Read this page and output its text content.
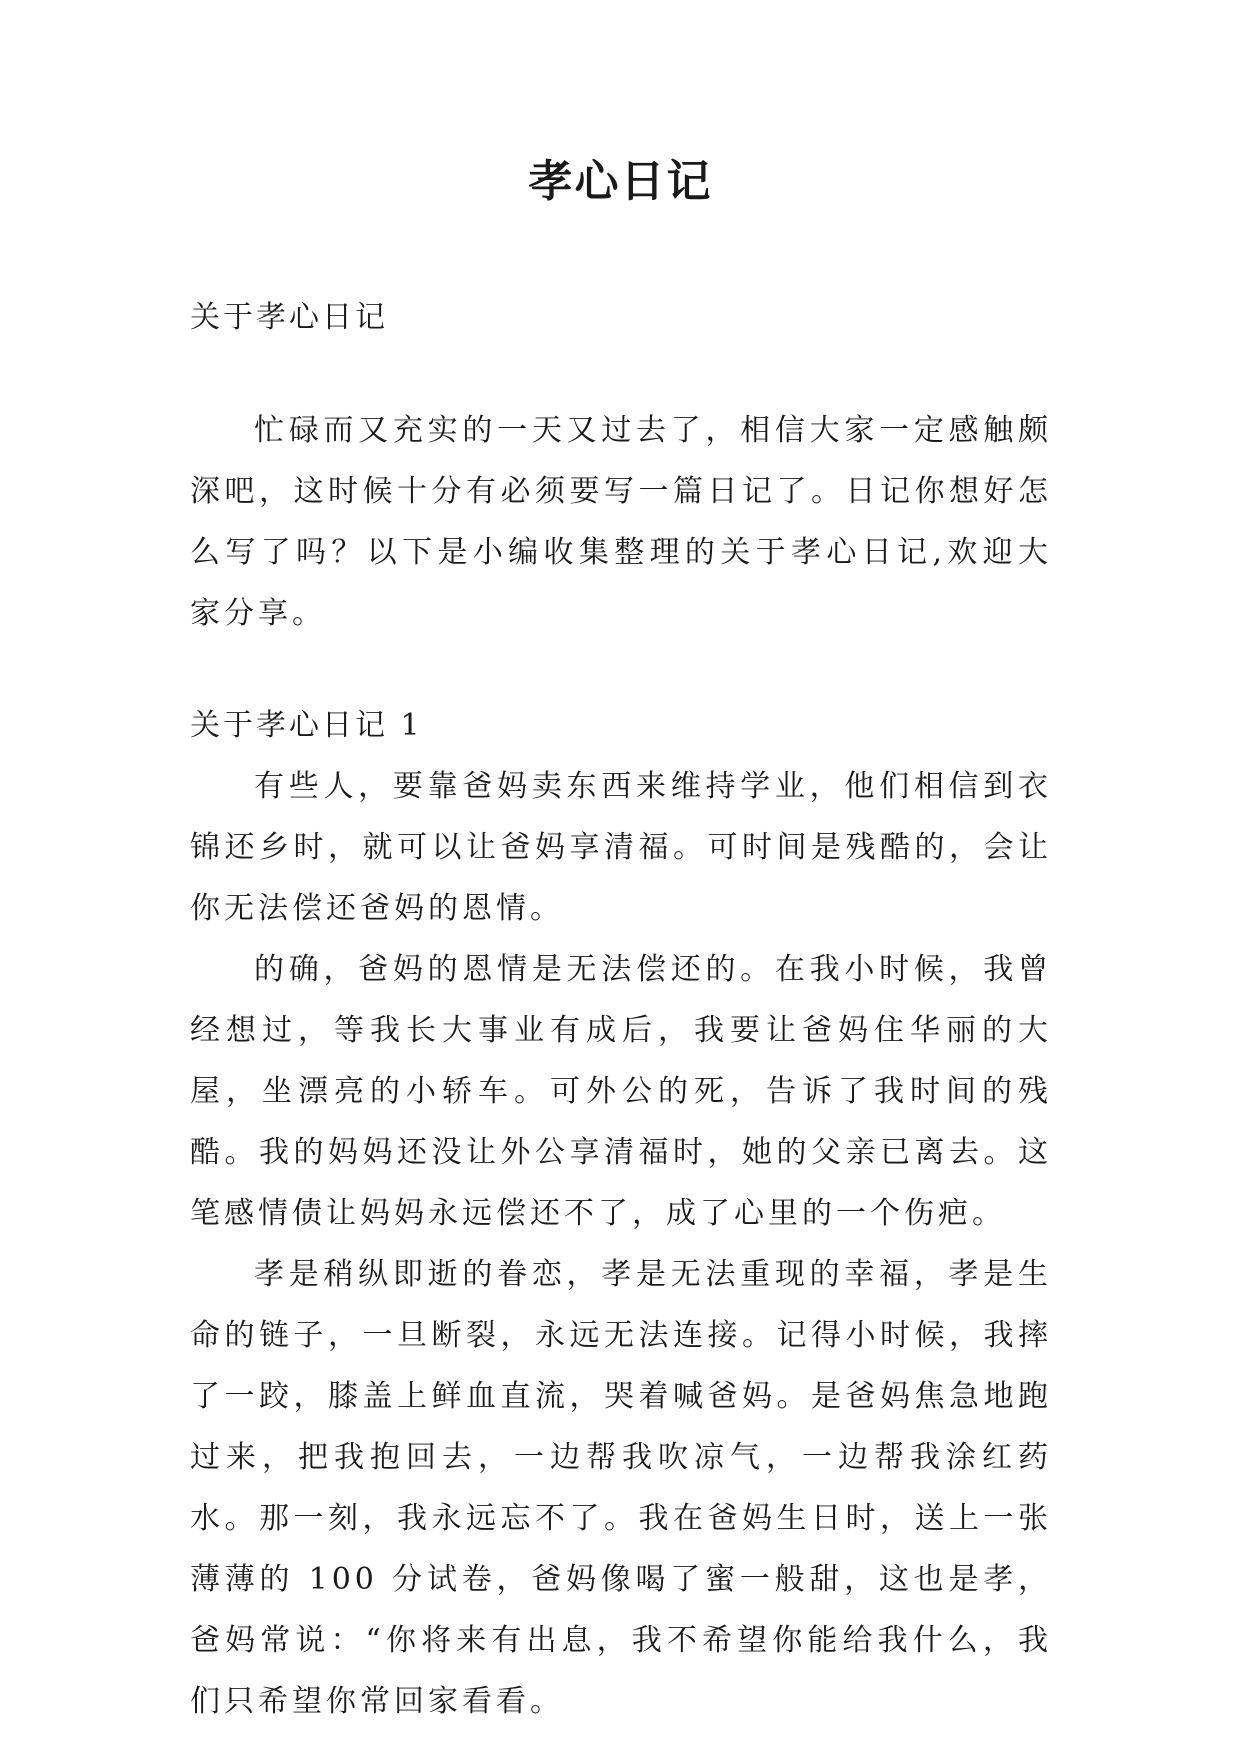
孝心日记

关于孝心日记

忙碌而又充实的一天又过去了，相信大家一定感触颇深吧，这时候十分有必须要写一篇日记了。日记你想好怎么写了吗？以下是小编收集整理的关于孝心日记,欢迎大家分享。

关于孝心日记 1

有些人，要靠爸妈卖东西来维持学业，他们相信到衣锦还乡时，就可以让爸妈享清福。可时间是残酷的，会让你无法偿还爸妈的恩情。

的确，爸妈的恩情是无法偿还的。在我小时候，我曾经想过，等我长大事业有成后，我要让爸妈住华丽的大屋，坐漂亮的小轿车。可外公的死，告诉了我时间的残酷。我的妈妈还没让外公享清福时，她的父亲已离去。这笔感情债让妈妈永远偿还不了，成了心里的一个伤疤。

孝是稍纵即逝的眷恋，孝是无法重现的幸福，孝是生命的链子，一旦断裂，永远无法连接。记得小时候，我摔了一跤，膝盖上鲜血直流，哭着喊爸妈。是爸妈焦急地跑过来，把我抱回去，一边帮我吹凉气，一边帮我涂红药水。那一刻，我永远忘不了。我在爸妈生日时，送上一张薄薄的 100 分试卷，爸妈像喝了蜜一般甜，这也是孝，爸妈常说：“你将来有出息，我不希望你能给我什么，我们只希望你常回家看看。
